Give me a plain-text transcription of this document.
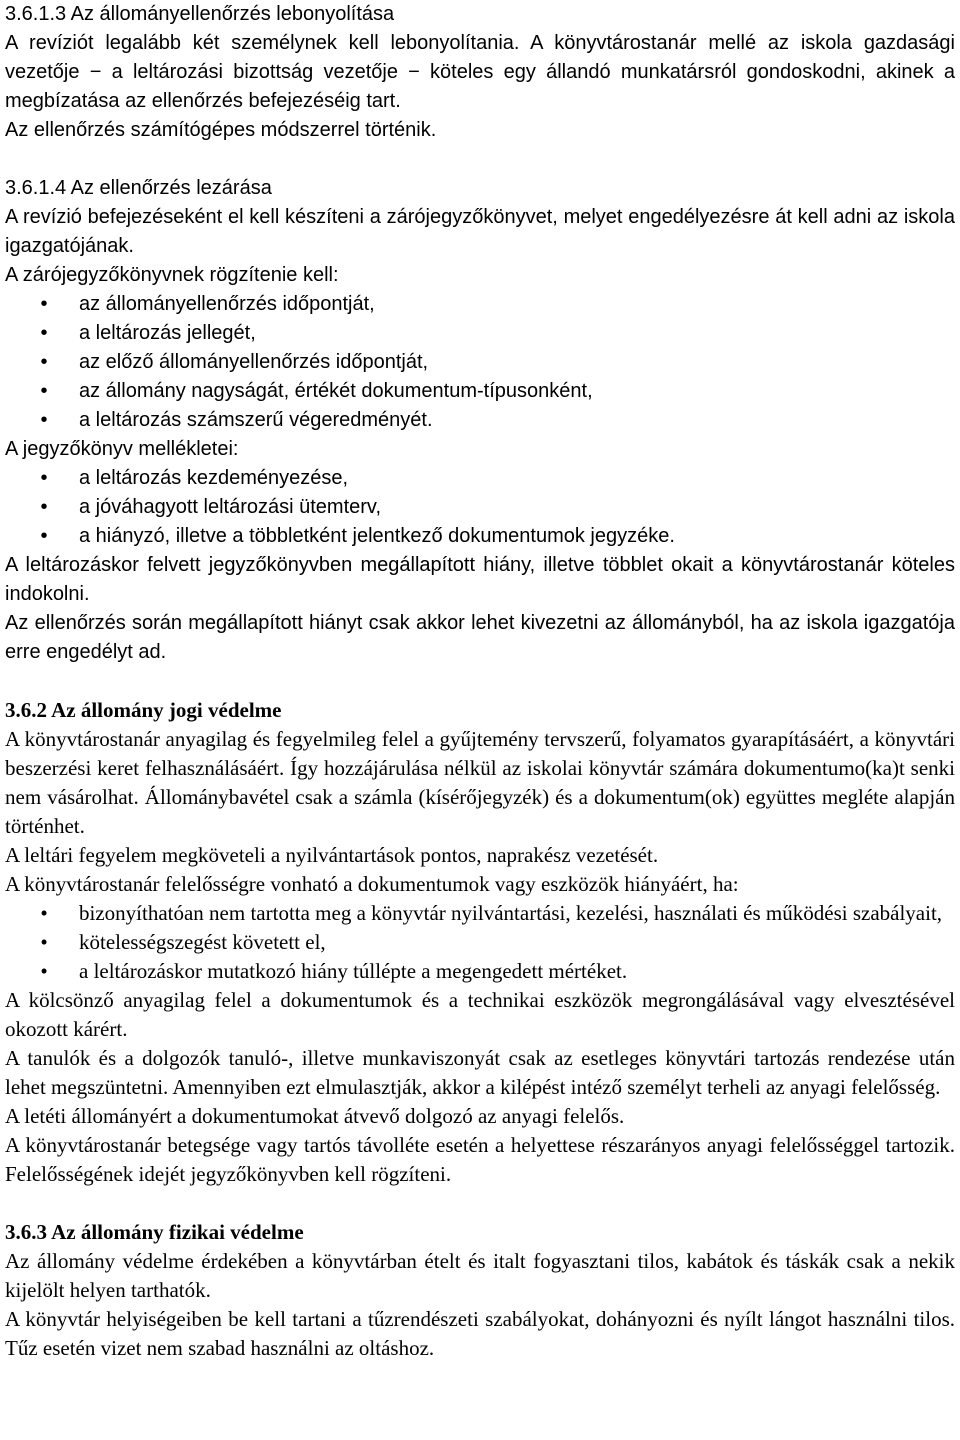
3.6.1.3 Az állományellenőrzés lebonyolítása

A revíziót legalább két személynek kell lebonyolítania. A könyvtárostanár mellé az iskola gazdasági vezetője − a leltározási bizottság vezetője − köteles egy állandó munkatársról gondoskodni, akinek a megbízatása az ellenőrzés befejezéséig tart.

Az ellenőrzés számítógépes módszerrel történik.

3.6.1.4 Az ellenőrzés lezárása

A revízió befejezéseként el kell készíteni a zárójegyzőkönyvet, melyet engedélyezésre át kell adni az iskola igazgatójának.

A zárójegyzőkönyvnek rögzítenie kell:

• az állományellenőrzés időpontját,
• a leltározás jellegét,
• az előző állományellenőrzés időpontját,
• az állomány nagyságát, értékét dokumentum-típusonként,
• a leltározás számszerű végeredményét.

A jegyzőkönyv mellékletei:

• a leltározás kezdeményezése,
• a jóváhagyott leltározási ütemterv,
• a hiányzó, illetve a többletként jelentkező dokumentumok jegyzéke.

A leltározáskor felvett jegyzőkönyvben megállapított hiány, illetve többlet okait a könyvtárostanár köteles indokolni.

Az ellenőrzés során megállapított hiányt csak akkor lehet kivezetni az állományból, ha az iskola igazgatója erre engedélyt ad.

3.6.2 Az állomány jogi védelme

A könyvtárostanár anyagilag és fegyelmileg felel a gyűjtemény tervszerű, folyamatos gyarapításáért, a könyvtári beszerzési keret felhasználásáért. Így hozzájárulása nélkül az iskolai könyvtár számára dokumentumo(ka)t senki nem vásárolhat. Állománybavétel csak a számla (kísérőjegyzék) és a dokumentum(ok) együttes megléte alapján történhet.

A leltári fegyelem megköveteli a nyilvántartások pontos, naprakész vezetését.

A könyvtárostanár felelősségre vonható a dokumentumok vagy eszközök hiányáért, ha:

• bizonyíthatóan nem tartotta meg a könyvtár nyilvántartási, kezelési, használati és működési szabályait,
• kötelességszegést követett el,
• a leltározáskor mutatkozó hiány túllépte a megengedett mértéket.

A kölcsönző anyagilag felel a dokumentumok és a technikai eszközök megrongálásával vagy elvesztésével okozott kárért.

A tanulók és a dolgozók tanuló-, illetve munkaviszonyát csak az esetleges könyvtári tartozás rendezése után lehet megszüntetni. Amennyiben ezt elmulasztják, akkor a kilépést intéző személyt terheli az anyagi felelősség.

A letéti állományért a dokumentumokat átvevő dolgozó az anyagi felelős.

A könyvtárostanár betegsége vagy tartós távolléte esetén a helyettese részarányos anyagi felelősséggel tartozik. Felelősségének idejét jegyzőkönyvben kell rögzíteni.

3.6.3 Az állomány fizikai védelme

Az állomány védelme érdekében a könyvtárban ételt és italt fogyasztani tilos, kabátok és táskák csak a nekik kijelölt helyen tarthatók.

A könyvtár helyiségeiben be kell tartani a tűzrendészeti szabályokat, dohányozni és nyílt lángot használni tilos. Tűz esetén vizet nem szabad használni az oltáshoz.
